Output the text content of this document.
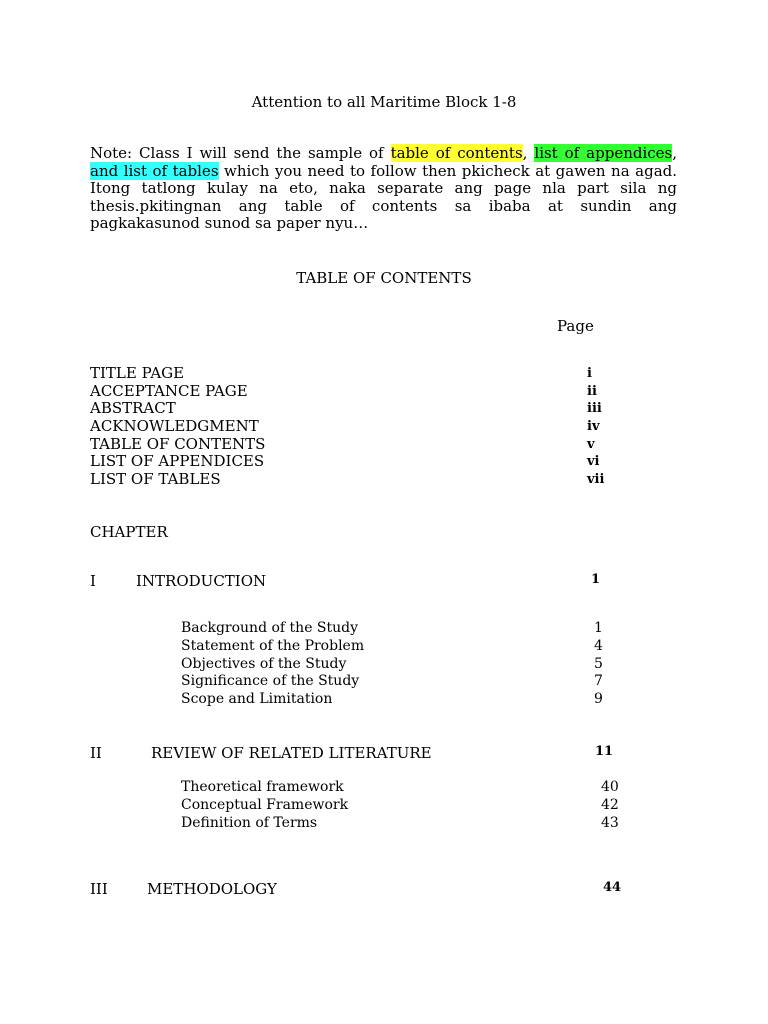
Attention to all Maritime Block 1-8
Note: Class I will send the sample of table of contents, list of appendices, and list of tables which you need to follow then pkicheck at gawen na agad. Itong tatlong kulay na eto, naka separate ang page nla part sila ng thesis.pkitingnan ang table of contents sa ibaba at sundin ang pagkakasunod sunod sa paper nyu…
TABLE OF CONTENTS
Page
TITLE PAGE	i
ACCEPTANCE PAGE	ii
ABSTRACT	iii
ACKNOWLEDGMENT	iv
TABLE OF CONTENTS	v
LIST OF APPENDICES	vi
LIST OF TABLES	vii
CHAPTER
I	INTRODUCTION	1
Background of the Study	1
Statement of the Problem	4
Objectives of the Study	5
Significance of the Study	7
Scope and Limitation	9
II	REVIEW OF RELATED LITERATURE	11
Theoretical framework	40
Conceptual Framework	42
Definition of Terms	43
III	METHODOLOGY	44
